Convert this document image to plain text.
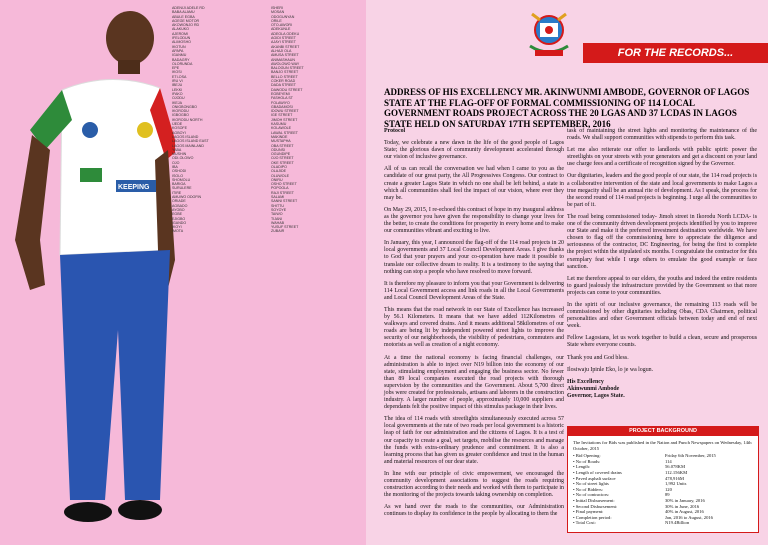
KEEPING
ADENIJI ADELE RD
BABA ALAMU
ABULE EGBA
AGEGE MOTOR
AKOWONJO RD
ALAKUKO
AJEROMI
IFELODUN
ALIMOSHO
IKOTUN
APAPA
IGANMU
BADAGRY
OLORUNDA
EPE
IKOSI
ETI-OSA
IRU VI
IBEJU
LEKKI
IFAKO
OJODU
IKEJA
ONIGBONGBO
IKORODU
IGBOGBO
IKORODU NORTH
IJEDE
KOSOFE
AGBOYI
LAGOS ISLAND
LAGOS ISLAND EAST
LAGOS MAINLAND
YABA
MUSHIN
ODI-OLOWO
OJO
IBA
OSHODI
ISOLO
SHOMOLU
BARIGA
SURULERE
ITIRE
AMUWO ODOFIN
ORIADE
AGBADO
AYOBO
EGBE
EJIGBO
IGANDO
IKOYI
IMOTA
ISHERI
MOSAN
ODOGUNYAN
ORILE
OTO-AWORI
ADEKUNLE
ADEOLA ODEKU
AGIDI STREET
AJAYI STREET
AKANBI STREET
ALHAJI OLA
AMUSA STREET
ANIMASHAUN
AWOLOWO WAY
BALOGUN STREET
BANJO STREET
BELLO STREET
COKER ROAD
DADA STREET
DAWODU STREET
EGBEYEMI
FASHOLA ST
FOLAWIYO
GBADAMOSI
IDOWU STREET
IGE STREET
JIMOH STREET
KASUMU
KOLAWOLE
LAWAL STREET
MAKINDE
MUSTAPHA
OBA STREET
ODUNSI
OGUNDIPE
OJO STREET
OKE STREET
OLADIPO
OLAJIDE
OLUWOLE
ONIRU
OSHO STREET
POPOOLA
RAJI STREET
SALAMI
SANNI STREET
SHITTU
SOYOYE
TAIWO
TIJANI
WAHAB
YUSUF STREET
ZUBAIR
FOR THE RECORDS...
ADDRESS OF HIS EXCELLENCY MR. AKINWUNMI AMBODE, GOVERNOR OF LAGOS STATE AT THE FLAG-OFF OF FORMAL COMMISSIONING OF 114 LOCAL GOVERNMENT ROADS PROJECT ACROSS THE 20 LGAS AND 37 LCDAS IN LAGOS STATE HELD ON SATURDAY 17TH SEPTEMBER, 2016

Protocol

Today, we celebrate a new dawn in the life of the good people of Lagos State; the glorious dawn of community development accelerated through our vision of inclusive governance.

All of us can recall the conversation we had when I came to you as the candidate of our great party, the All Progressives Congress. Our contract to create a greater Lagos State in which no one shall be left behind, a state in which all communities shall feel the impact of our vision, where ever they may be.

On May 29, 2015, I re-echoed this contract of hope in my inaugural address as the governor you have given the responsibility to change your lives for the better, to create the conditions for prosperity in every home and to make our communities vibrant and exciting to live.

In January, this year, I announced the flag-off of the 114 road projects in 20 local governments and 37 Local Council Development Areas. I give thanks to God that your prayers and your co-operation have made it possible to translate our collective dream to reality. It is a testimony to the saying that nothing can stop a people who have resolved to move forward.

It is therefore my pleasure to inform you that your Government is delivering 114 Local Government access and link roads in all the Local Governments and Local Council Development Areas of the State.

This means that the road network in our State of Excellence has increased by 56.1 Kilometers. It means that we have added 112Kilometres of walkways and covered drains. And it means additional 58kilometres of our roads are being lit by independent powered street lights to improve the security of our neighborhoods, the visibility of pedestrians, commuters and motorists as well as creation of a night economy.

At a time the national economy is facing financial challenges, our administration is able to inject over N19 billion into the economy of our state, stimulating employment and engaging the business sector. No fewer than 89 local companies executed the road projects with thorough supervision by the communities and the Government. About 5,700 direct jobs were created for professionals, artisans and laborers in the construction industry. A larger number of people, approximately 10,000 suppliers and dependants felt the positive impact of this stimulus package in their lives.

The idea of 114 roads with streetlights simultaneously executed across 57 local governments at the rate of two roads per local government is a historic leap of faith for our administration and the citizens of Lagos. It is a test of our capacity to create a goal, set targets, mobilise the resources and manage the funds with extra-ordinary prudence and commitment. It is also a learning process that has given us greater confidence and trust in the human and material resources of our dear state.

In line with our principle of civic empowerment, we encouraged the community development associations to suggest the roads requiring construction according to their needs and worked with them to participate in the monitoring of the projects towards taking ownership on completion.

As we hand over the roads to the communities, our Administration continues to display its confidence in the people by allocating to them the

task of maintaining the street lights and monitoring the maintenance of the roads. We shall support communities with stipends to perform this task.

Let me also reiterate our offer to landlords with public spirit: power the streetlights on your streets with your generators and get a discount on your land use charge fees and a certificate of recognition signed by the Governor.

Our dignitaries, leaders and the good people of our state, the 114 road projects is a collaborative intervention of the state and local governments to make Lagos a true megacity shall be an annual rite of development. As I speak, the process for the second round of 114 road projects is beginning. I urge all the communities to be part of it.

The road being commissioned today- Jimoh street in Ikorodu North LCDA- is one of the community driven development projects identified by you to improve our State and make it the preferred investment destination worldwide. We have chosen to flag off the commissioning here to appreciate the diligence and seriousness of the contractor, DC Engineering, for being the first to complete the project within the stipulated six months. I congratulate the contractor for this exemplary feat while I urge others to emulate the good example or face sanction.

Let me therefore appeal to our elders, the youths and indeed the entire residents to guard jealously the infrastructure provided by the Government so that more projects can come to your communities.

In the spirit of our inclusive governance, the remaining 113 roads will be commissioned by other dignitaries including Obas, CDA Chairmen, political personalities and other Government officials between today and end of next week.

Fellow Lagosians, let us work together to build a clean, secure and prosperous State where everyone counts.

Thank you and God bless.

Ilosiwaju Ipinle Eko, lo je wa logun.

His Excellency

Akinwunmi Ambode

Governor, Lagos State.

PROJECT BACKGROUND
The Invitations for Bids was published in the Nation and Punch Newspapers on Wednesday, 14th October, 2015
• Bid Opening:	Friday 6th November, 2015
• No of Roads:	114
• Length:	56.078KM
• Length of covered drains	112.156KM
• Paved asphalt surface	478,916M
• No of street lights	1,992 Units
• No of Bidders:	120
• No of contractors:	89
• Initial Disbursement:	30% in January, 2016
• Second Disbursement:	30% in June, 2016
• Final payment:	40% in August, 2016
• Completion period:	Jan, 2016 to August, 2016
• Total Cost:	N19.4Billion
